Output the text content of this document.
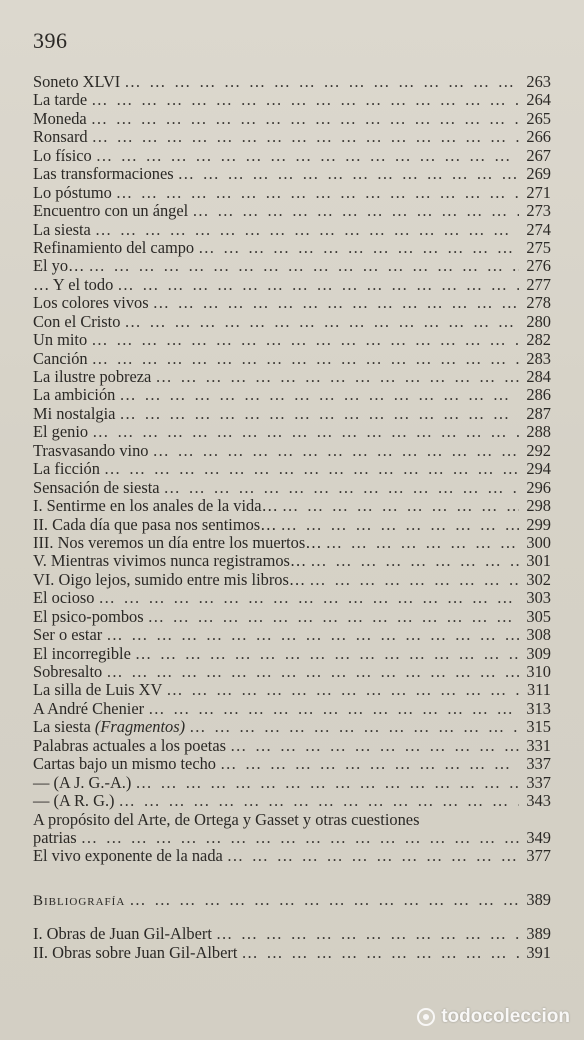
396
Soneto XLVI … … … … … … … … … … … … … … … … … … … … … … … … … … … … … … … … … … … …	263
La tarde … … … … … … … … … … … … … … … … … … … … … … … … … … … … … … … … … … … …	264
Moneda … … … … … … … … … … … … … … … … … … … … … … … … … … … … … … … … … … … …	265
Ronsard … … … … … … … … … … … … … … … … … … … … … … … … … … … … … … … … … … … …	266
Lo físico … … … … … … … … … … … … … … … … … … … … … … … … … … … … … … … … … … … …	267
Las transformaciones … … … … … … … … … … … … … … … … … … … … … … … … … … … … … … … … … … … …	269
Lo póstumo … … … … … … … … … … … … … … … … … … … … … … … … … … … … … … … … … … … …	271
Encuentro con un ángel … … … … … … … … … … … … … … … … … … … … … … … … … … … … … … … … … … … …	273
La siesta … … … … … … … … … … … … … … … … … … … … … … … … … … … … … … … … … … … …	274
Refinamiento del campo … … … … … … … … … … … … … … … … … … … … … … … … … … … … … … … … … … … …	275
El yo… … … … … … … … … … … … … … … … … … … … … … … … … … … … … … … … … … … … …	276
… Y el todo … … … … … … … … … … … … … … … … … … … … … … … … … … … … … … … … … … … …	277
Los colores vivos … … … … … … … … … … … … … … … … … … … … … … … … … … … … … … … … … … … …	278
Con el Cristo … … … … … … … … … … … … … … … … … … … … … … … … … … … … … … … … … … … …	280
Un mito … … … … … … … … … … … … … … … … … … … … … … … … … … … … … … … … … … … …	282
Canción … … … … … … … … … … … … … … … … … … … … … … … … … … … … … … … … … … … …	283
La ilustre pobreza … … … … … … … … … … … … … … … … … … … … … … … … … … … … … … … … … … … …	284
La ambición … … … … … … … … … … … … … … … … … … … … … … … … … … … … … … … … … … … …	286
Mi nostalgia … … … … … … … … … … … … … … … … … … … … … … … … … … … … … … … … … … … …	287
El genio … … … … … … … … … … … … … … … … … … … … … … … … … … … … … … … … … … … …	288
Trasvasando vino … … … … … … … … … … … … … … … … … … … … … … … … … … … … … … … … … … … …	292
La ficción … … … … … … … … … … … … … … … … … … … … … … … … … … … … … … … … … … … …	294
Sensación de siesta … … … … … … … … … … … … … … … … … … … … … … … … … … … … … … … … … … … …	296
I. Sentirme en los anales de la vida… … … … … … … … … … … … … … … … … … … … … … … … … … … … … … … … … … … … …	298
II. Cada día que pasa nos sentimos… … … … … … … … … … … … … … … … … … … … … … … … … … … … … … … … … … … … …	299
III. Nos veremos un día entre los muertos… … … … … … … … … … … … … … … … … … … … … … … … … … … … … … … … … … … … …	300
V. Mientras vivimos nunca registramos… … … … … … … … … … … … … … … … … … … … … … … … … … … … … … … … … … … … …	301
VI. Oigo lejos, sumido entre mis libros… … … … … … … … … … … … … … … … … … … … … … … … … … … … … … … … … … … … …	302
El ocioso … … … … … … … … … … … … … … … … … … … … … … … … … … … … … … … … … … … …	303
El psico-pombos … … … … … … … … … … … … … … … … … … … … … … … … … … … … … … … … … … … …	305
Ser o estar … … … … … … … … … … … … … … … … … … … … … … … … … … … … … … … … … … … …	308
El incorregible … … … … … … … … … … … … … … … … … … … … … … … … … … … … … … … … … … … …	309
Sobresalto … … … … … … … … … … … … … … … … … … … … … … … … … … … … … … … … … … … …	310
La silla de Luis XV … … … … … … … … … … … … … … … … … … … … … … … … … … … … … … … … … … … …	311
A André Chenier … … … … … … … … … … … … … … … … … … … … … … … … … … … … … … … … … … … …	313
La siesta (Fragmentos) … … … … … … … … … … … … … … … … … … … … … … … … … … … … … … … … … … … …	315
Palabras actuales a los poetas … … … … … … … … … … … … … … … … … … … … … … … … … … … … … … … … … … … …	331
Cartas bajo un mismo techo … … … … … … … … … … … … … … … … … … … … … … … … … … … … … … … … … … … …	337
— (A J. G.-A.) … … … … … … … … … … … … … … … … … … … … … … … … … … … … … … … … … … … …	337
— (A R. G.) … … … … … … … … … … … … … … … … … … … … … … … … … … … … … … … … … … … …	343
A propósito del Arte, de Ortega y Gasset y otras cuestiones
patrias … … … … … … … … … … … … … … … … … … … … … … … … … … … … … … … … … … … …	349
El vivo exponente de la nada … … … … … … … … … … … … … … … … … … … … … … … … … … … … … … … … … … … …	377
Bibliografía … … … … … … … … … … … … … … … … … … … … … … … … … … … … … … … … … … … …	389
I. Obras de Juan Gil-Albert … … … … … … … … … … … … … … … … … … … … … … … … … … … … … … … … … … … …	389
II. Obras sobre Juan Gil-Albert … … … … … … … … … … … … … … … … … … … … … … … … … … … … … … … … … … … …	391
todocoleccion
